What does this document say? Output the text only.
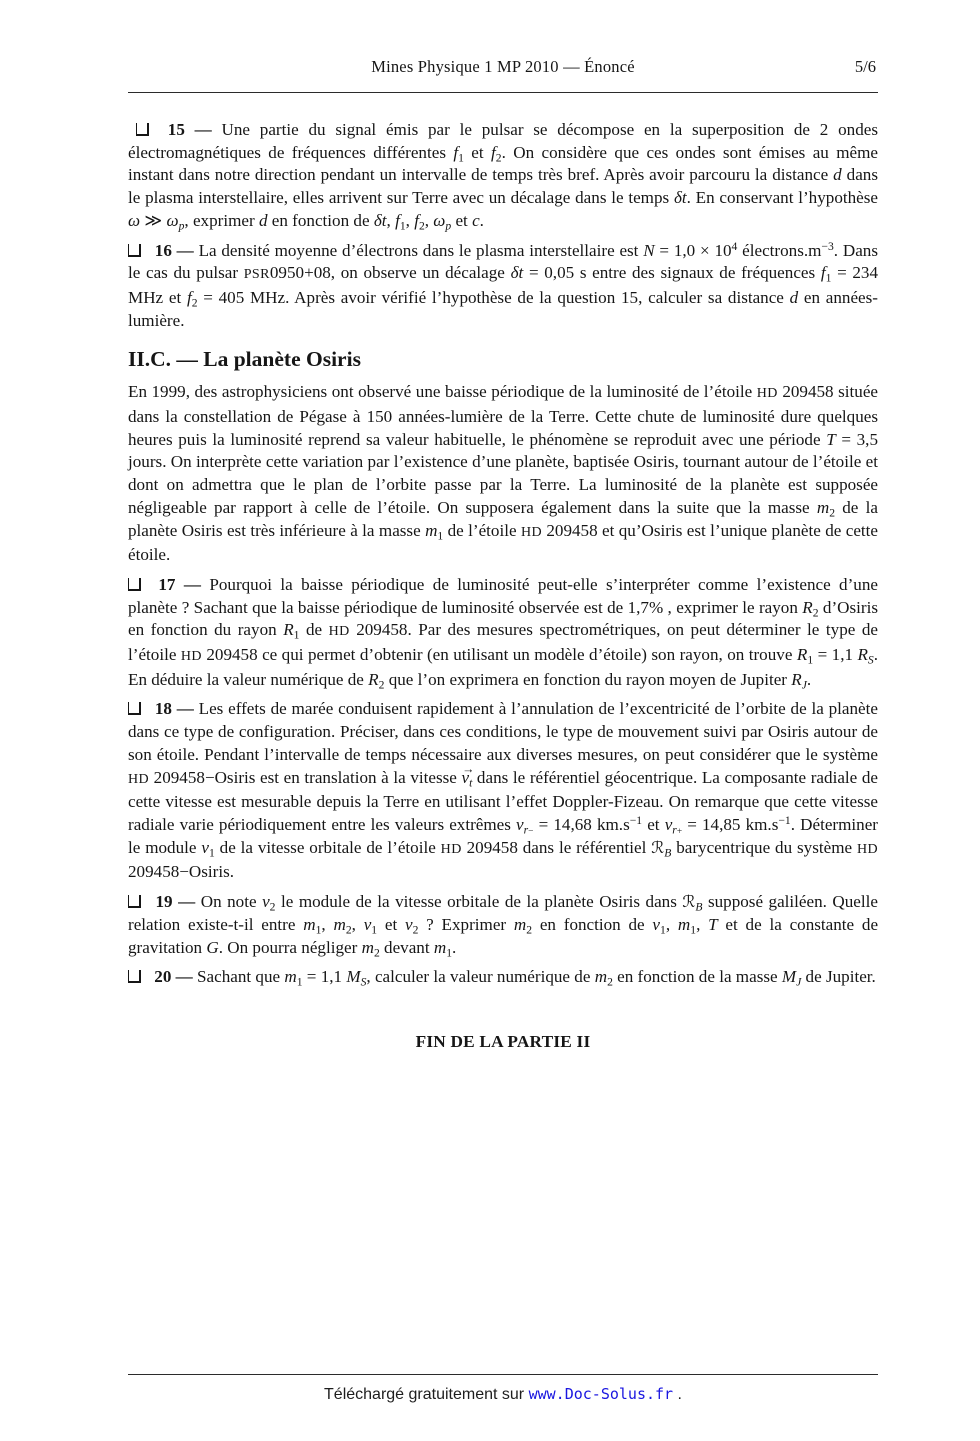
Mines Physique 1 MP 2010 — Énoncé	5/6

15 — Une partie du signal émis par le pulsar se décompose en la superposition de 2 ondes électromagnétiques de fréquences différentes f1 et f2. On considère que ces ondes sont émises au même instant dans notre direction pendant un intervalle de temps très bref. Après avoir parcouru la distance d dans le plasma interstellaire, elles arrivent sur Terre avec un décalage dans le temps δt. En conservant l’hypothèse ω ≫ ωp, exprimer d en fonction de δt, f1, f2, ωp et c.

16 — La densité moyenne d’électrons dans le plasma interstellaire est $N = 1,0 \times 10^4$ $électrons.m^{-3}$. Dans le cas du pulsar PSR0950+08, on observe un décalage δt = 0,05 s entre des signaux de fréquences f1 = 234 MHz et f2 = 405 MHz. Après avoir vérifié l’hypothèse de la question 15, calculer sa distance d en années-lumière.

II.C. — La planète Osiris

En 1999, des astrophysiciens ont observé une baisse périodique de la luminosité de l’étoile HD 209458 située dans la constellation de Pégase à 150 années-lumière de la Terre. Cette chute de luminosité dure quelques heures puis la luminosité reprend sa valeur habituelle, le phénomène se reproduit avec une période T = 3,5 jours. On interprète cette variation par l’existence d’une planète, baptisée Osiris, tournant autour de l’étoile et dont on admettra que le plan de l’orbite passe par la Terre. La luminosité de la planète est supposée négligeable par rapport à celle de l’étoile. On supposera également dans la suite que la masse m2 de la planète Osiris est très inférieure à la masse m1 de l’étoile HD 209458 et qu’Osiris est l’unique planète de cette étoile.

17 — Pourquoi la baisse périodique de luminosité peut-elle s’interpréter comme l’existence d’une planète ? Sachant que la baisse périodique de luminosité observée est de 1,7% , exprimer le rayon R2 d’Osiris en fonction du rayon R1 de HD 209458. Par des mesures spectrométriques, on peut déterminer le type de l’étoile HD 209458 ce qui permet d’obtenir (en utilisant un modèle d’étoile) son rayon, on trouve R1 = 1,1 RS. En déduire la valeur numérique de R2 que l’on exprimera en fonction du rayon moyen de Jupiter RJ.

18 — Les effets de marée conduisent rapidement à l’annulation de l’excentricité de l’orbite de la planète dans ce type de configuration. Préciser, dans ces conditions, le type de mouvement suivi par Osiris autour de son étoile. Pendant l’intervalle de temps nécessaire aux diverses mesures, on peut considérer que le système HD 209458−Osiris est en translation à la vitesse v →t dans le référentiel géocentrique. La composante radiale de cette vitesse est mesurable depuis la Terre en utilisant l’effet Doppler-Fizeau. On remarque que cette vitesse radiale varie périodiquement entre les valeurs extrêmes $vr_- = 14,68$ $km.s^{-1}$ et $vr_+ = 14,85$ $km.s^{-1}$. Déterminer le module v1 de la vitesse orbitale de l’étoile HD 209458 dans le référentiel ℛB barycentrique du système HD 209458−Osiris.

19 — On note v2 le module de la vitesse orbitale de la planète Osiris dans ℛB supposé galiléen. Quelle relation existe-t-il entre m1, m2, v1 et v2 ? Exprimer m2 en fonction de v1, m1, T et de la constante de gravitation G. On pourra négliger m2 devant m1.

20 — Sachant que m1 = 1,1 MS, calculer la valeur numérique de m2 en fonction de la masse MJ de Jupiter.

FIN DE LA PARTIE II

Téléchargé gratuitement sur www.Doc-Solus.fr .
